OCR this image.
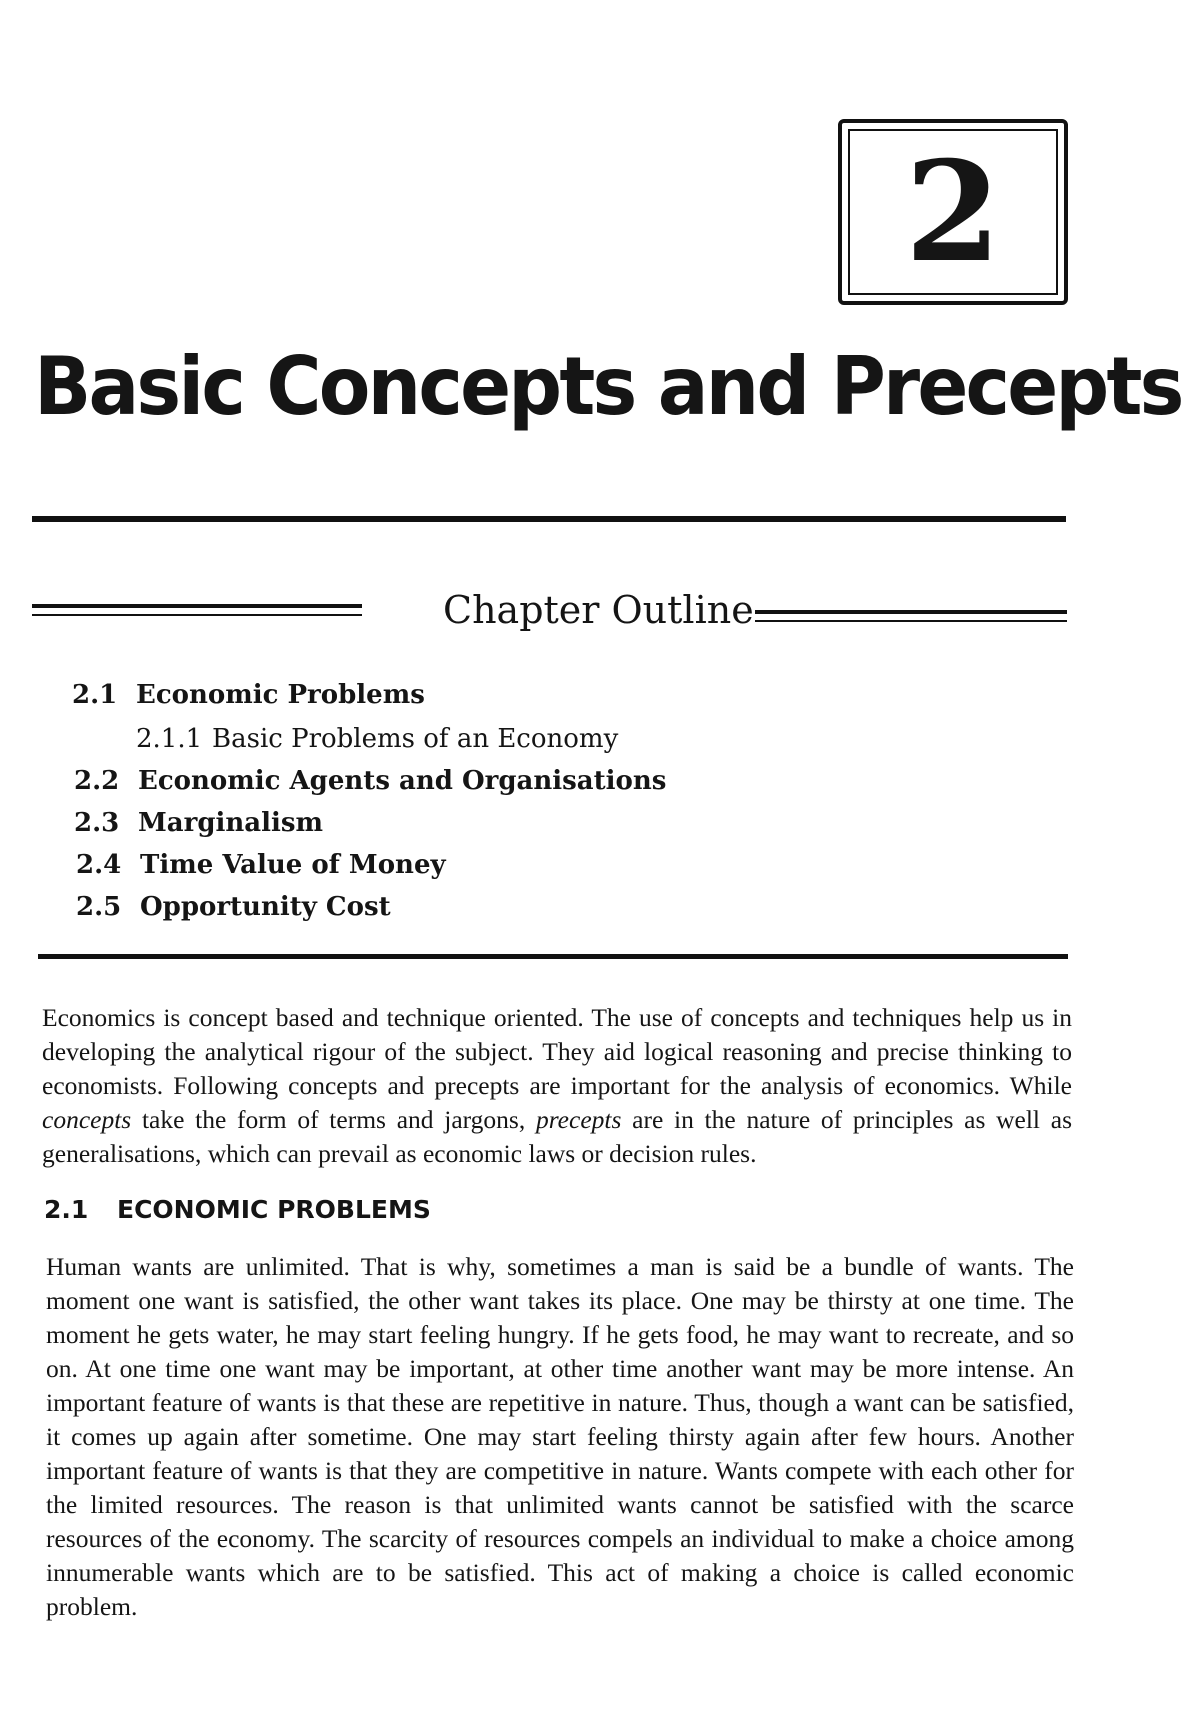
2
Basic Concepts and Precepts
Chapter Outline
2.1 Economic Problems
2.1.1 Basic Problems of an Economy
2.2 Economic Agents and Organisations
2.3 Marginalism
2.4 Time Value of Money
2.5 Opportunity Cost

Economics is concept based and technique oriented. The use of concepts and techniques help us in developing the analytical rigour of the subject. They aid logical reasoning and precise thinking to economists. Following concepts and precepts are important for the analysis of economics. While concepts take the form of terms and jargons, precepts are in the nature of principles as well as generalisations, which can prevail as economic laws or decision rules.

2.1 ECONOMIC PROBLEMS

Human wants are unlimited. That is why, sometimes a man is said be a bundle of wants. The moment one want is satisfied, the other want takes its place. One may be thirsty at one time. The moment he gets water, he may start feeling hungry. If he gets food, he may want to recreate, and so on. At one time one want may be important, at other time another want may be more intense. An important feature of wants is that these are repetitive in nature. Thus, though a want can be satisfied, it comes up again after sometime. One may start feeling thirsty again after few hours. Another important feature of wants is that they are competitive in nature. Wants compete with each other for the limited resources. The reason is that unlimited wants cannot be satisfied with the scarce resources of the economy. The scarcity of resources compels an individual to make a choice among innumerable wants which are to be satisfied. This act of making a choice is called economic problem.
